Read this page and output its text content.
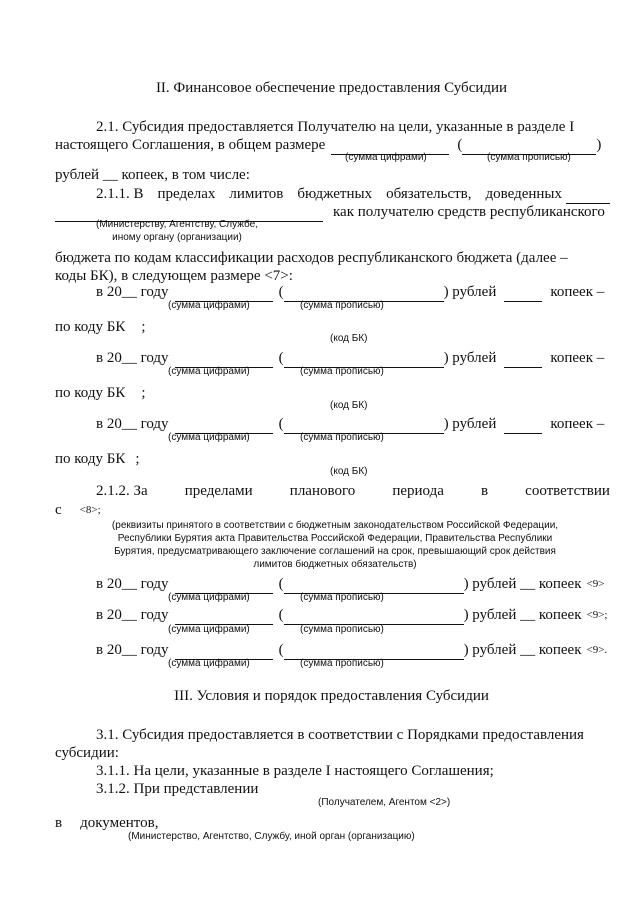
II. Финансовое обеспечение предоставления Субсидии
2.1. Субсидия предоставляется Получателю на цели, указанные в разделе I
настоящего Соглашения, в общем размере	(	)
(сумма цифрами)	(сумма прописью)
рублей __ копеек, в том числе:
2.1.1. В пределах лимитов бюджетных обязательств, доведенных
как получателю средств республиканского
(Министерству, Агентству, Службе,
иному органу (организации)
бюджета по кодам классификации расходов республиканского бюджета (далее –
коды БК), в следующем размере <7>:
в 20__ году	(	) рублей	копеек –
(сумма цифрами)	(сумма прописью)
по коду БК ;
(код БК)
в 20__ году	(	) рублей	копеек –
(сумма цифрами)	(сумма прописью)
по коду БК ;
(код БК)
в 20__ году	(	) рублей	копеек –
(сумма цифрами)	(сумма прописью)
по коду БК ;
(код БК)
2.1.2. За пределами планового периода в соответствии
с <8>;
(реквизиты принятого в соответствии с бюджетным законодательством Российской Федерации,
Республики Бурятия акта Правительства Российской Федерации, Правительства Республики
Бурятия, предусматривающего заключение соглашений на срок, превышающий срок действия
лимитов бюджетных обязательств)
в 20__ году	(	) рублей __ копеек <9>
(сумма цифрами)	(сумма прописью)
в 20__ году	(	) рублей __ копеек <9>;
(сумма цифрами)	(сумма прописью)
в 20__ году	(	) рублей __ копеек <9>.
(сумма цифрами)	(сумма прописью)
III. Условия и порядок предоставления Субсидии
3.1. Субсидия предоставляется в соответствии с Порядками предоставления
субсидии:
3.1.1. На цели, указанные в разделе I настоящего Соглашения;
3.1.2. При представлении
(Получателем, Агентом <2>)
в документов,
(Министерство, Агентство, Службу, иной орган (организацию)
